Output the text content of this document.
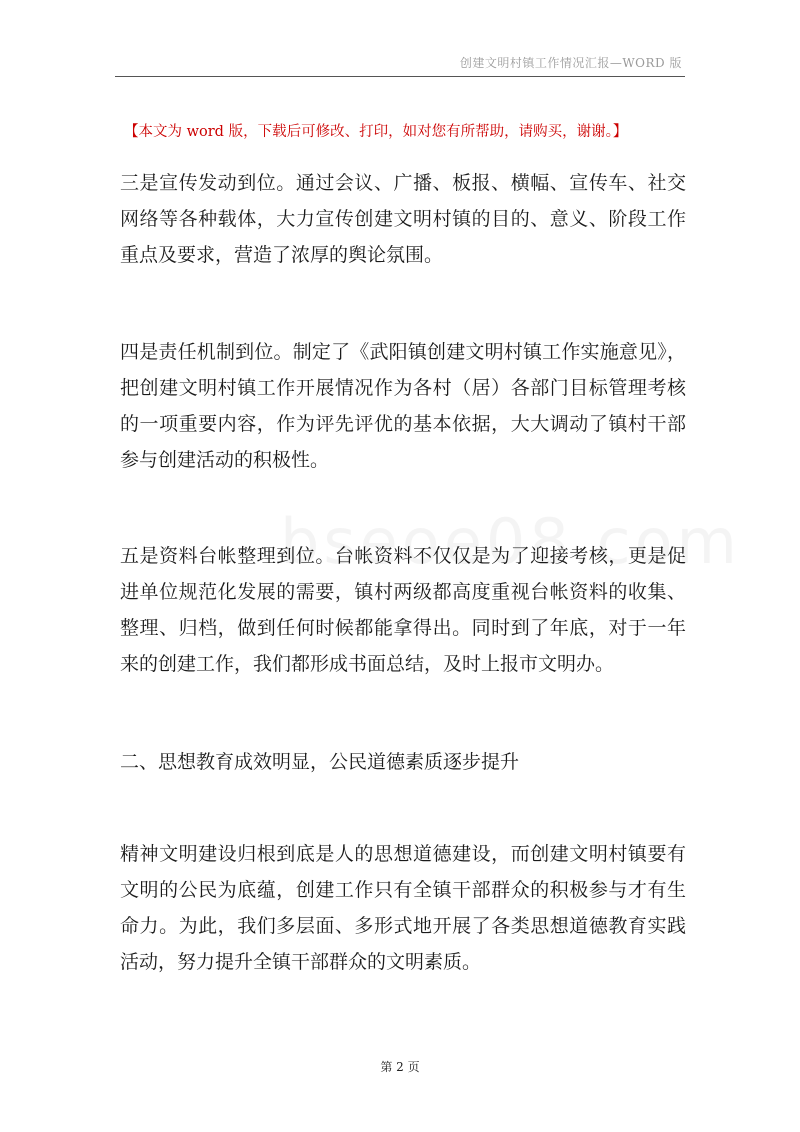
创建文明村镇工作情况汇报—WORD 版
【本文为 word 版，下载后可修改、打印，如对您有所帮助，请购买，谢谢。】
三是宣传发动到位。通过会议、广播、板报、横幅、宣传车、社交网络等各种载体，大力宣传创建文明村镇的目的、意义、阶段工作重点及要求，营造了浓厚的舆论氛围。
四是责任机制到位。制定了《武阳镇创建文明村镇工作实施意见》，把创建文明村镇工作开展情况作为各村（居）各部门目标管理考核的一项重要内容，作为评先评优的基本依据，大大调动了镇村干部参与创建活动的积极性。
五是资料台帐整理到位。台帐资料不仅仅是为了迎接考核，更是促进单位规范化发展的需要，镇村两级都高度重视台帐资料的收集、整理、归档，做到任何时候都能拿得出。同时到了年底，对于一年来的创建工作，我们都形成书面总结，及时上报市文明办。
二、思想教育成效明显，公民道德素质逐步提升
精神文明建设归根到底是人的思想道德建设，而创建文明村镇要有文明的公民为底蕴，创建工作只有全镇干部群众的积极参与才有生命力。为此，我们多层面、多形式地开展了各类思想道德教育实践活动，努力提升全镇干部群众的文明素质。
第 2 页
